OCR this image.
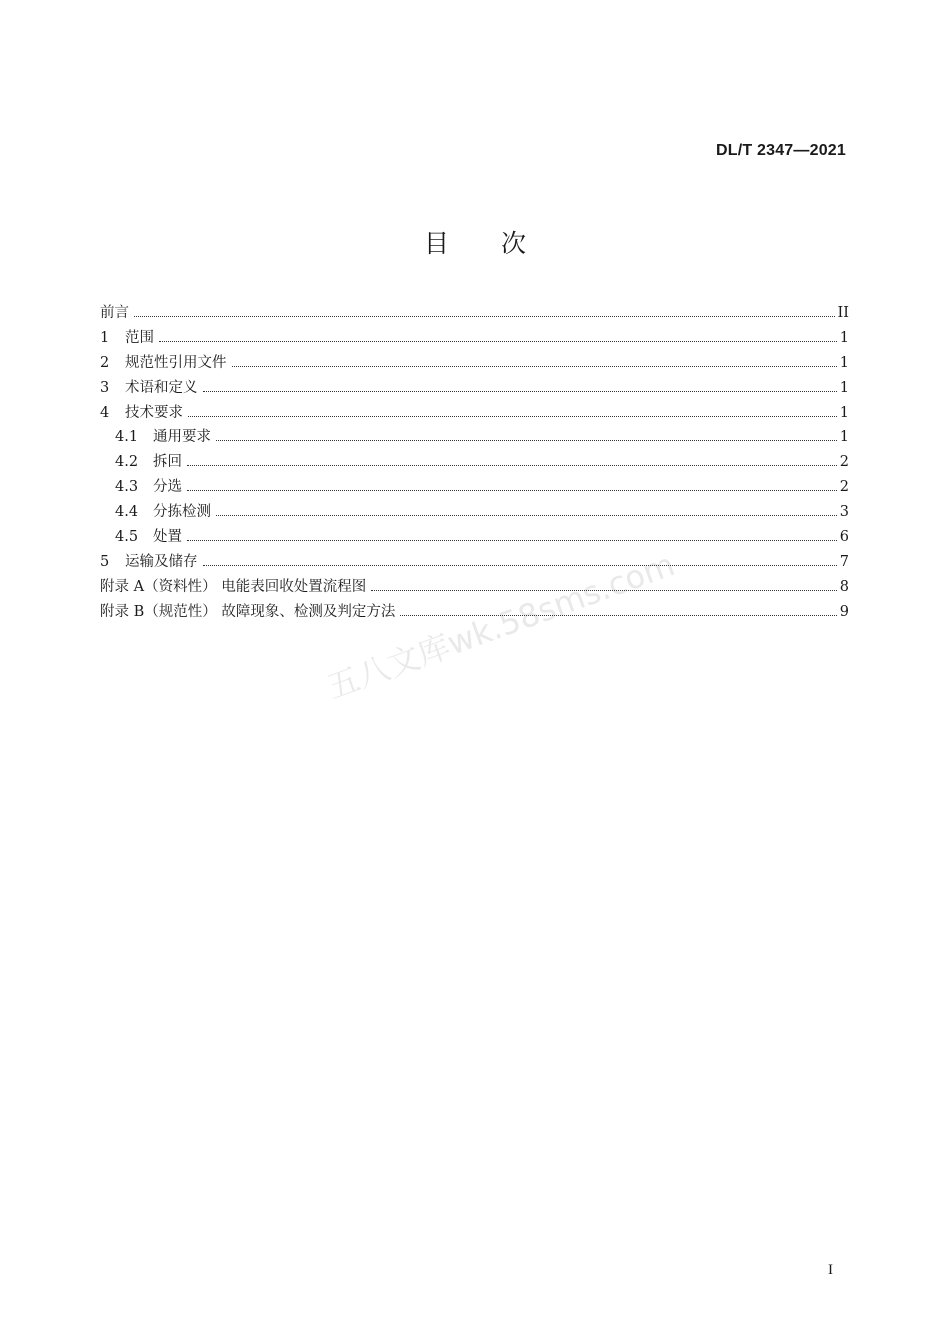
DL/T 2347—2021
目 次
前言	II
1	范围	1
2	规范性引用文件	1
3	术语和定义	1
4	技术要求	1
4.1	通用要求	1
4.2	拆回	2
4.3	分选	2
4.4	分拣检测	3
4.5	处置	6
5	运输及储存	7
附录 A（资料性） 电能表回收处置流程图	8
附录 B（规范性） 故障现象、检测及判定方法	9
五八文库wk.58sms.com
I
